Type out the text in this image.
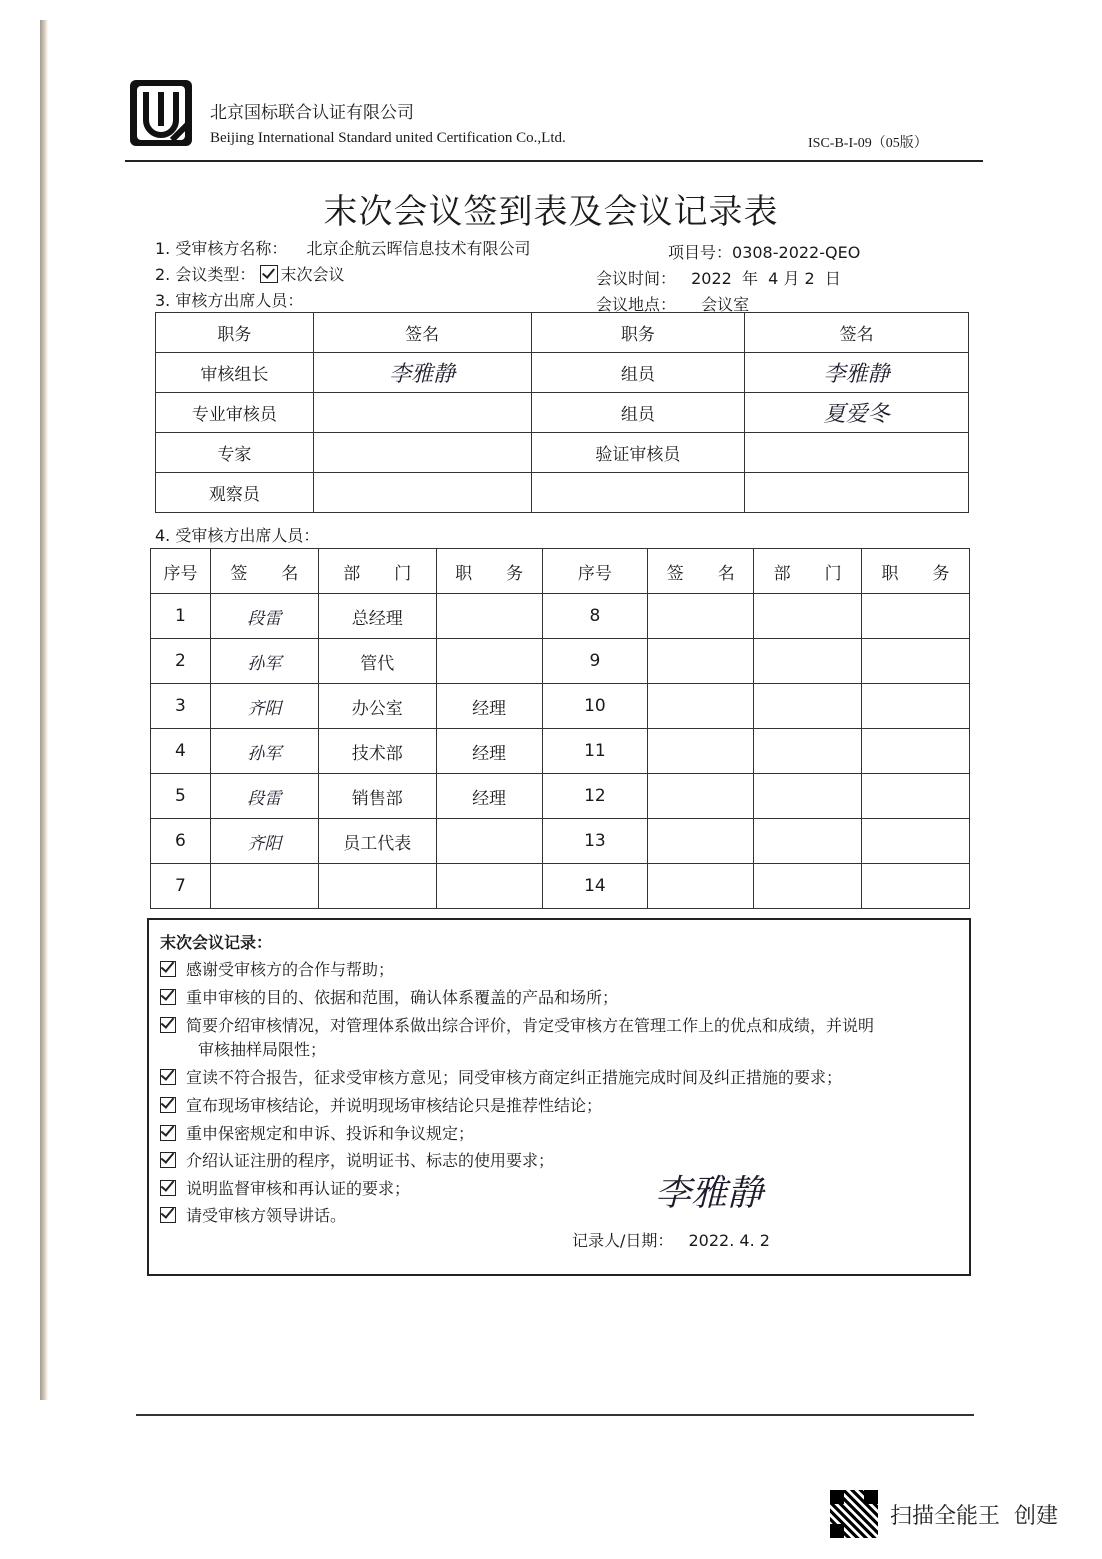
北京国标联合认证有限公司
Beijing International Standard united Certification Co.,Ltd.	ISC-B-I-09（05版）
末次会议签到表及会议记录表
1. 受审核方名称： 北京企航云晖信息技术有限公司	项目号：0308-2022-QEO
2. 会议类型： 末次会议	会议时间： 2022  年  4 月 2  日
3. 审核方出席人员：	会议地点： 会议室
职务	签名	职务	签名
审核组长	李雅静	组员	李雅静
专业审核员		组员	夏爱冬
专家		验证审核员	
观察员			
4. 受审核方出席人员：
序号	签　　名	部　　门	职　　务	序号	签　　名	部　　门	职　　务
1	段雷	总经理		8			
2	孙军	管代		9			
3	齐阳	办公室	经理	10			
4	孙军	技术部	经理	11			
5	段雷	销售部	经理	12			
6	齐阳	员工代表		13			
7				14			
末次会议记录：
感谢受审核方的合作与帮助；
重申审核的目的、依据和范围，确认体系覆盖的产品和场所；
简要介绍审核情况，对管理体系做出综合评价，肯定受审核方在管理工作上的优点和成绩，并说明
审核抽样局限性；
宣读不符合报告，征求受审核方意见；同受审核方商定纠正措施完成时间及纠正措施的要求；
宣布现场审核结论，并说明现场审核结论只是推荐性结论；
重申保密规定和申诉、投诉和争议规定；
介绍认证注册的程序，说明证书、标志的使用要求；
说明监督审核和再认证的要求；
请受审核方领导讲话。
李雅静
记录人/日期： 2022. 4. 2
扫描全能王  创建
